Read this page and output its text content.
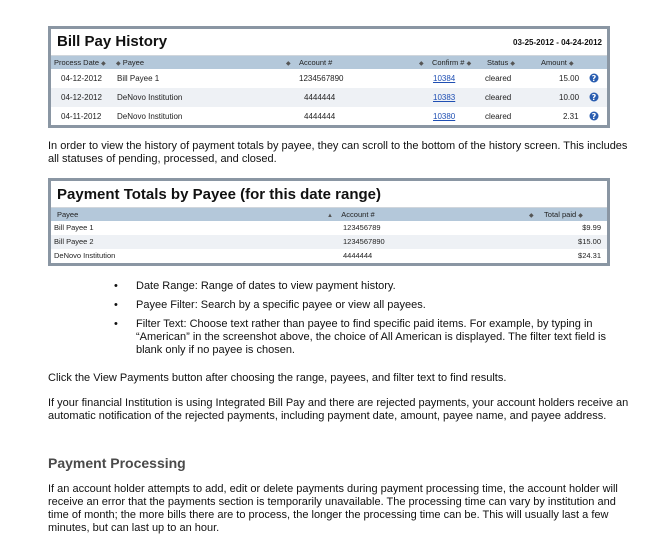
Bill Pay History	03-25-2012 - 04-24-2012
Process Date ◆ ◆ Payee	◆ Account #	◆ Confirm # ◆ Status ◆	Amount ◆
04-12-2012 Bill Payee 1	1234567890	10384	cleared	15.00 ?
04-12-2012 DeNovo Institution	4444444	10383	cleared	10.00 ?
04-11-2012 DeNovo Institution	4444444	10380	cleared	2.31 ?

In order to view the history of payment totals by payee, they can scroll to the bottom of the history screen. This includes all statuses of pending, processed, and closed.

Payment Totals by Payee (for this date range)
Payee	▲ Account #	◆ Total paid ◆
Bill Payee 1	123456789	$9.99
Bill Payee 2	1234567890	$15.00
DeNovo Institution	4444444	$24.31
• Date Range: Range of dates to view payment history.
• Payee Filter: Search by a specific payee or view all payees.
• Filter Text: Choose text rather than payee to find specific paid items. For example, by typing in “American” in the screenshot above, the choice of All American is displayed. The filter text field is blank only if no payee is chosen.

Click the View Payments button after choosing the range, payees, and filter text to find results.

If your financial Institution is using Integrated Bill Pay and there are rejected payments, your account holders receive an automatic notification of the rejected payments, including payment date, amount, payee name, and payee address.

Payment Processing

If an account holder attempts to add, edit or delete payments during payment processing time, the account holder will receive an error that the payments section is temporarily unavailable. The processing time can vary by institution and time of month; the more bills there are to process, the longer the processing time can be. This will usually last a few minutes, but can last up to an hour.
